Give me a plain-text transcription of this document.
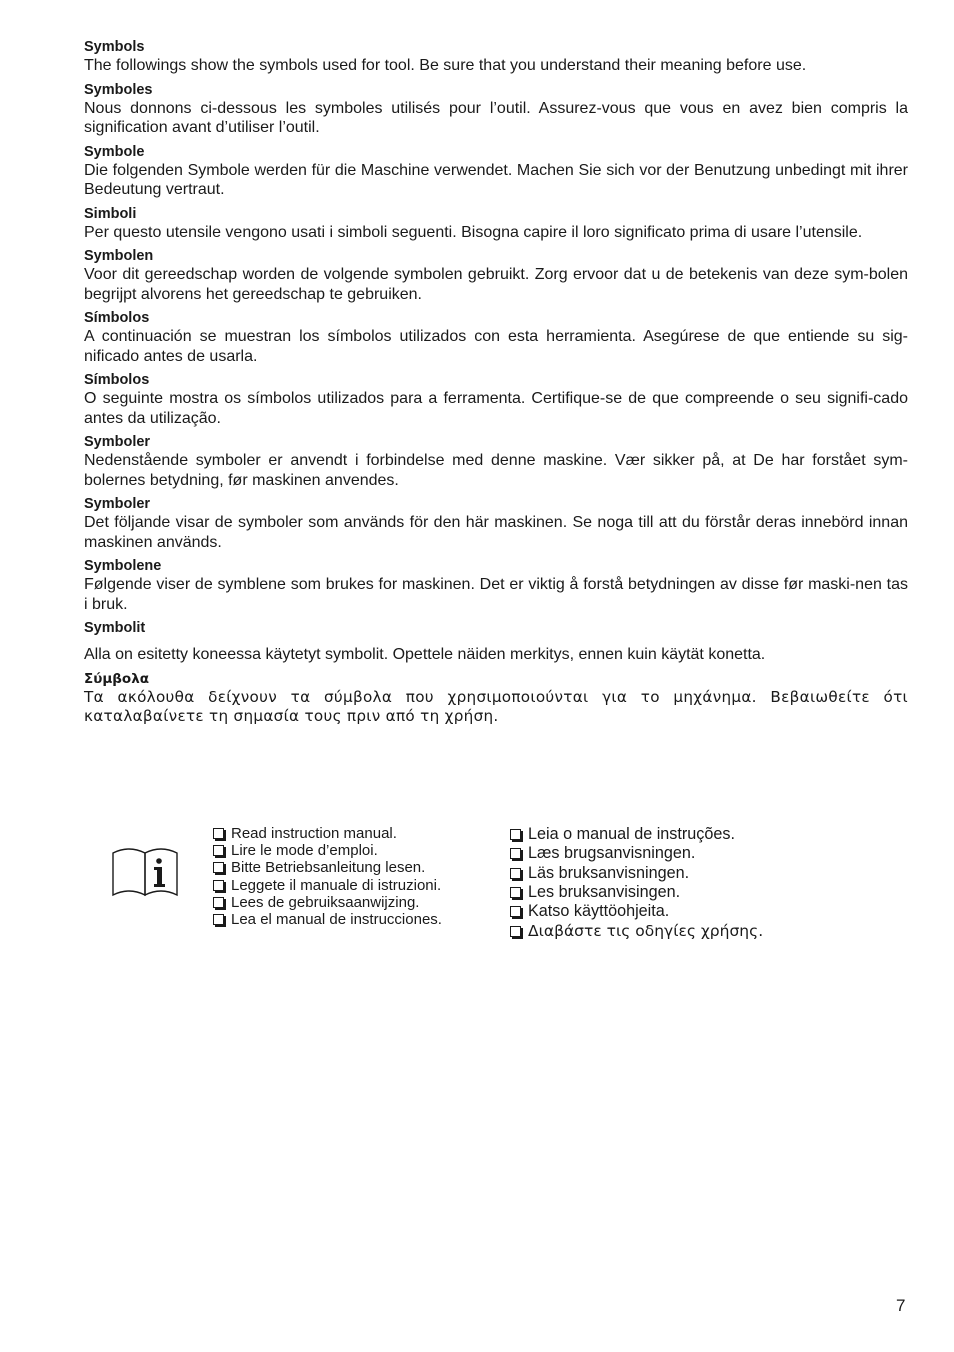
Symbols
The followings show the symbols used for tool. Be sure that you understand their meaning before use.
Symboles
Nous donnons ci-dessous les symboles utilisés pour l’outil. Assurez-vous que vous en avez bien compris la signification avant d’utiliser l’outil.
Symbole
Die folgenden Symbole werden für die Maschine verwendet. Machen Sie sich vor der Benutzung unbedingt mit ihrer Bedeutung vertraut.
Simboli
Per questo utensile vengono usati i simboli seguenti. Bisogna capire il loro significato prima di usare l’utensile.
Symbolen
Voor dit gereedschap worden de volgende symbolen gebruikt. Zorg ervoor dat u de betekenis van deze sym-bolen begrijpt alvorens het gereedschap te gebruiken.
Símbolos
A continuación se muestran los símbolos utilizados con esta herramienta. Asegúrese de que entiende su sig-nificado antes de usarla.
Símbolos
O seguinte mostra os símbolos utilizados para a ferramenta. Certifique-se de que compreende o seu signifi-cado antes da utilização.
Symboler
Nedenstående symboler er anvendt i forbindelse med denne maskine. Vær sikker på, at De har forstået sym-bolernes betydning, før maskinen anvendes.
Symboler
Det följande visar de symboler som används för den här maskinen. Se noga till att du förstår deras innebörd innan maskinen används.
Symbolene
Følgende viser de symblene som brukes for maskinen. Det er viktig å forstå betydningen av disse før maski-nen tas i bruk.
Symbolit
Alla on esitetty koneessa käytetyt symbolit. Opettele näiden merkitys, ennen kuin käytät konetta.
Σύμβολα
Τα ακόλουθα δείχνουν τα σύμβολα που χρησιμοποιούνται για το μηχάνημα. Βεβαιωθείτε ότι καταλαβαίνετε τη σημασία τους πριν από τη χρήση.
Read instruction manual.
Lire le mode d’emploi.
Bitte Betriebsanleitung lesen.
Leggete il manuale di istruzioni.
Lees de gebruiksaanwijzing.
Lea el manual de instrucciones.
Leia o manual de instruções.
Læs brugsanvisningen.
Läs bruksanvisningen.
Les bruksanvisingen.
Katso käyttöohjeita.
Διαβάστε τις οδηγίες χρήσης.
7
